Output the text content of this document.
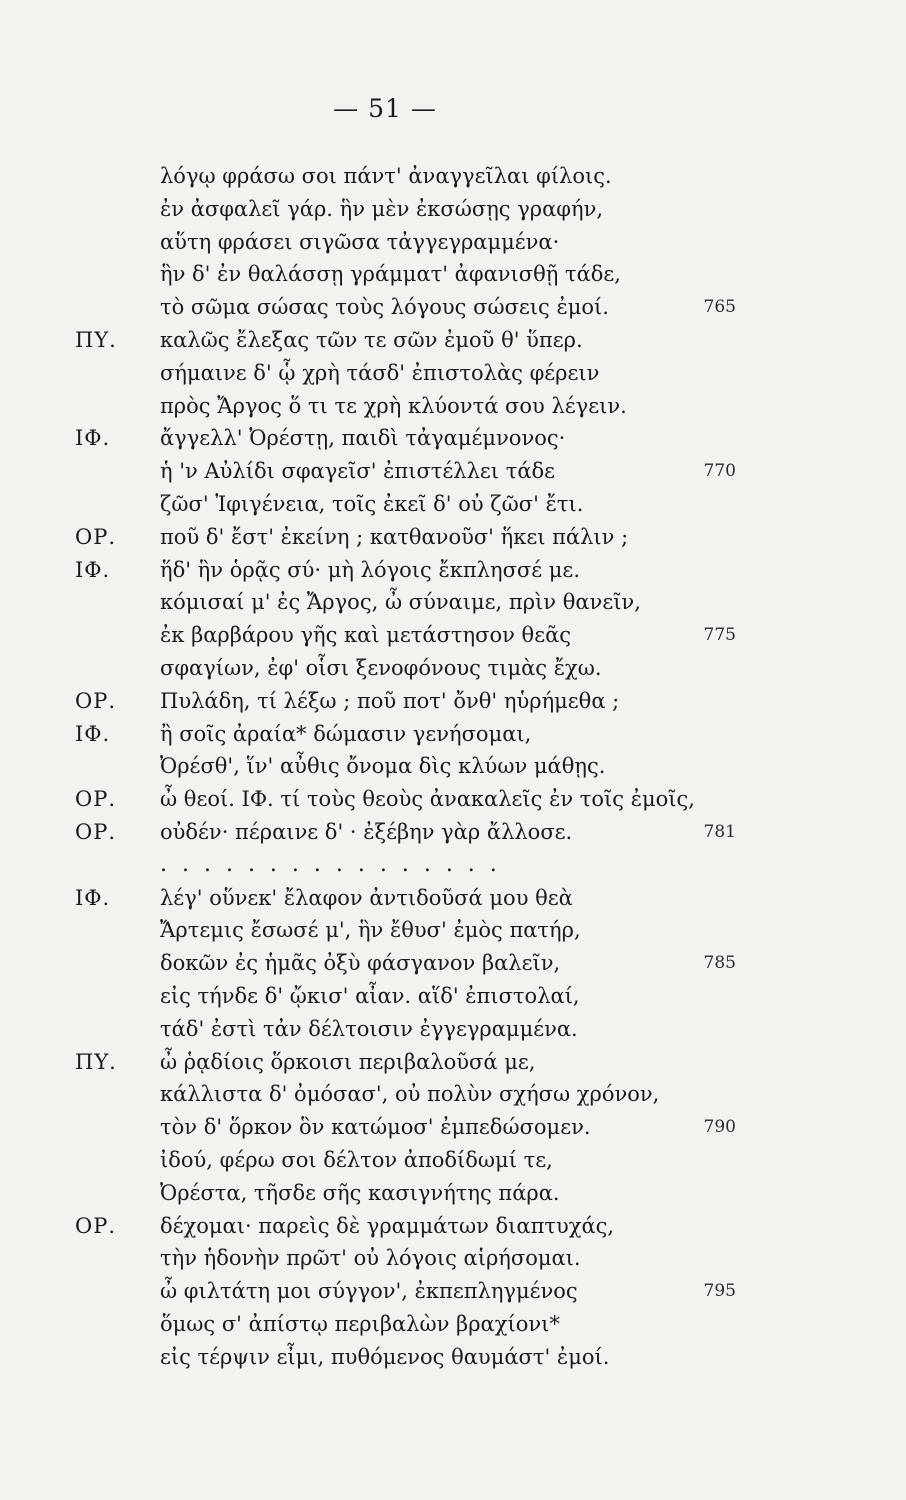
— 51 —
λόγῳ φράσω σοι πάντ' ἀναγγεῖλαι φίλοις.
ἐν ἀσφαλεῖ γάρ. ἣν μὲν ἐκσώσῃς γραφήν,
αὕτη φράσει σιγῶσα τἀγγεγραμμένα·
ἣν δ' ἐν θαλάσσῃ γράμματ' ἀφανισθῇ τάδε,
τὸ σῶμα σώσας τοὺς λόγους σώσεις ἐμοί.	765
ΠΥ. καλῶς ἔλεξας τῶν τε σῶν ἐμοῦ θ' ὕπερ.
σήμαινε δ' ᾧ χρὴ τάσδ' ἐπιστολὰς φέρειν
πρὸς Ἄργος ὅ τι τε χρὴ κλύοντά σου λέγειν.
ΙΦ. ἄγγελλ' Ὀρέστῃ, παιδὶ τἀγαμέμνονος·
ἡ 'ν Αὐλίδι σφαγεῖσ' ἐπιστέλλει τάδε	770
ζῶσ' Ἰφιγένεια, τοῖς ἐκεῖ δ' οὐ ζῶσ' ἔτι.
ΟΡ. ποῦ δ' ἔστ' ἐκείνη ; κατθανοῦσ' ἥκει πάλιν ;
ΙΦ. ἥδ' ἣν ὁρᾷς σύ· μὴ λόγοις ἔκπλησσέ με.
κόμισαί μ' ἐς Ἄργος, ὦ σύναιμε, πρὶν θανεῖν,
ἐκ βαρβάρου γῆς καὶ μετάστησον θεᾶς	775
σφαγίων, ἐφ' οἷσι ξενοφόνους τιμὰς ἔχω.
ΟΡ. Πυλάδη, τί λέξω ; ποῦ ποτ' ὄνθ' ηὑρήμεθα ;
ΙΦ. ἢ σοῖς ἀραία* δώμασιν γενήσομαι,
Ὀρέσθ', ἵν' αὖθις ὄνομα δὶς κλύων μάθῃς.
ΟΡ. ὦ θεοί. ΙΦ. τί τοὺς θεοὺς ἀνακαλεῖς ἐν τοῖς ἐμοῖς,
ΟΡ. οὐδέν· πέραινε δ' · ἐξέβην γὰρ ἄλλοσε.	781
. . . . . . . . . . . . . . . .
ΙΦ. λέγ' οὕνεκ' ἔλαφον ἀντιδοῦσά μου θεὰ
Ἄρτεμις ἔσωσέ μ', ἣν ἔθυσ' ἐμὸς πατήρ,
δοκῶν ἐς ἡμᾶς ὀξὺ φάσγανον βαλεῖν,	785
εἰς τήνδε δ' ᾤκισ' αἶαν. αἵδ' ἐπιστολαί,
τάδ' ἐστὶ τἀν δέλτοισιν ἐγγεγραμμένα.
ΠΥ. ὦ ῥᾳδίοις ὅρκοισι περιβαλοῦσά με,
κάλλιστα δ' ὀμόσασ', οὐ πολὺν σχήσω χρόνον,
τὸν δ' ὅρκον ὃν κατώμοσ' ἐμπεδώσομεν.	790
ἰδού, φέρω σοι δέλτον ἀποδίδωμί τε,
Ὀρέστα, τῆσδε σῆς κασιγνήτης πάρα.
ΟΡ. δέχομαι· παρεὶς δὲ γραμμάτων διαπτυχάς,
τὴν ἡδονὴν πρῶτ' οὐ λόγοις αἱρήσομαι.
ὦ φιλτάτη μοι σύγγον', ἐκπεπληγμένος	795
ὅμως σ' ἀπίστῳ περιβαλὼν βραχίονι*
εἰς τέρψιν εἶμι, πυθόμενος θαυμάστ' ἐμοί.
